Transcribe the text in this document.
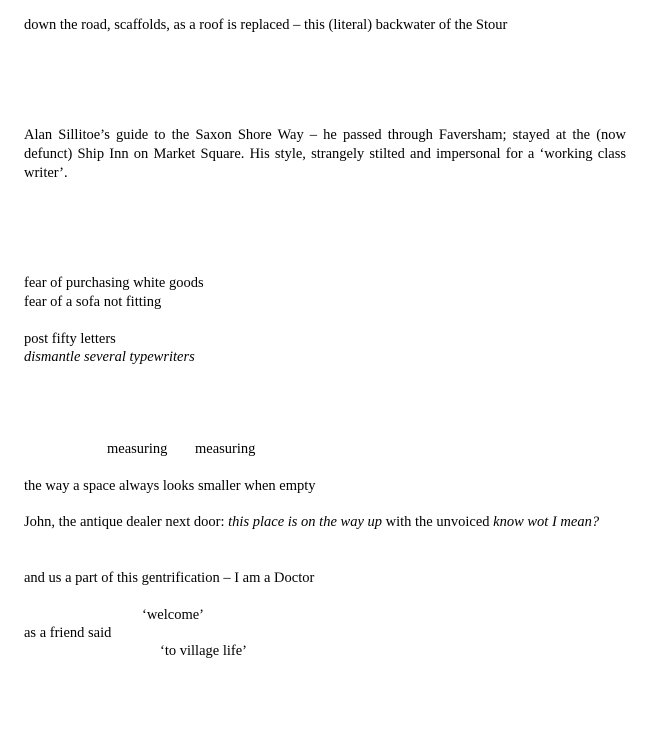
down the road, scaffolds, as a roof is replaced – this (literal) backwater of the Stour
Alan Sillitoe’s guide to the Saxon Shore Way – he passed through Faversham; stayed at the (now defunct) Ship Inn on Market Square. His style, strangely stilted and impersonal for a ‘working class writer’.
fear of purchasing white goods
fear of a sofa not fitting
post fifty letters
dismantle several typewriters
measuring measuring
the way a space always looks smaller when empty
John, the antique dealer next door: this place is on the way up with the unvoiced know wot I mean?
and us a part of this gentrification – I am a Doctor
‘welcome’
as a friend said
‘to village life’
